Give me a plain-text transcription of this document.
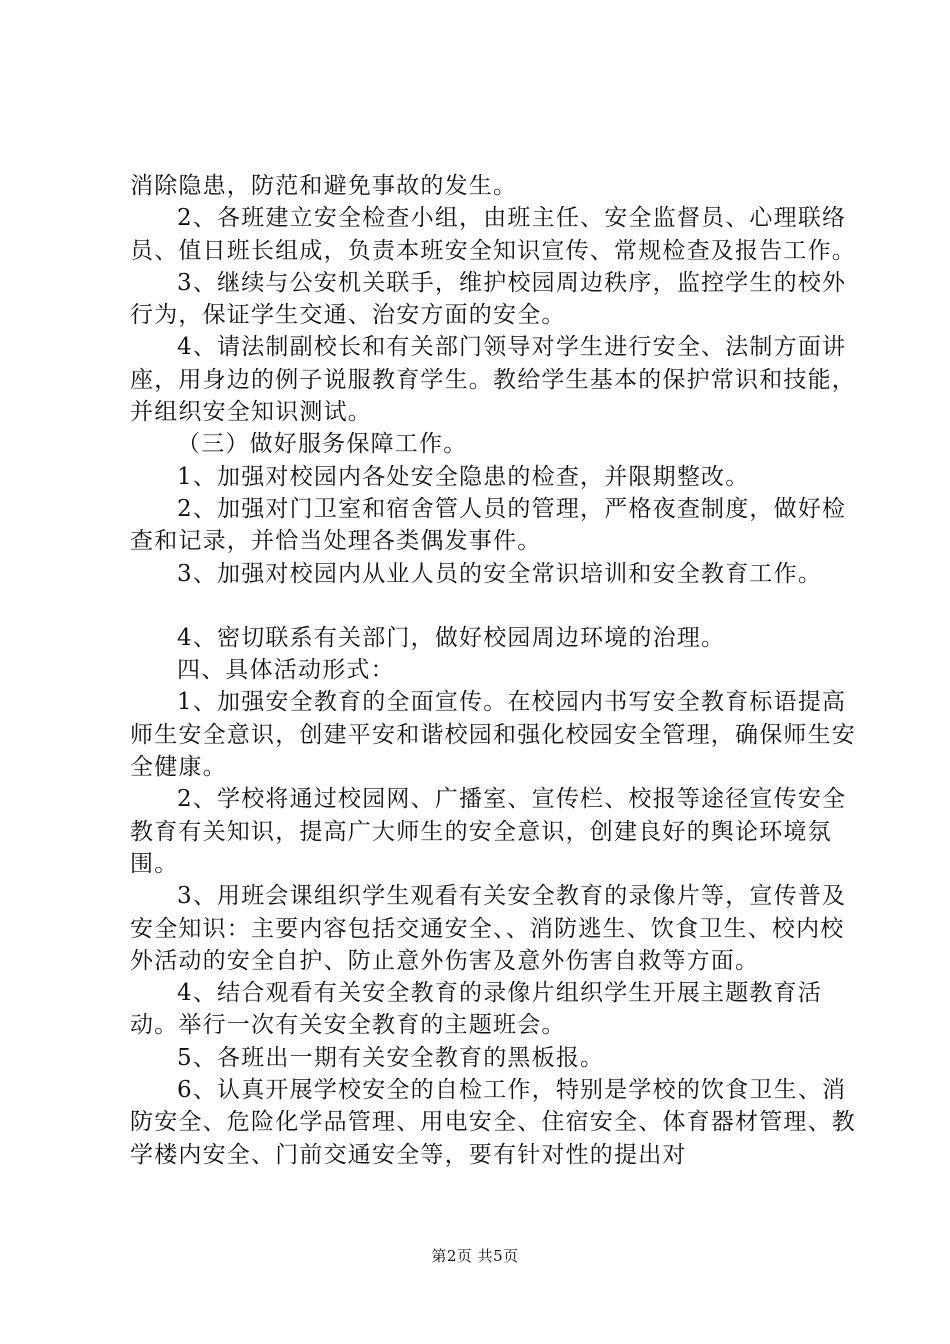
消除隐患，防范和避免事故的发生。

2、各班建立安全检查小组，由班主任、安全监督员、心理联络员、值日班长组成，负责本班安全知识宣传、常规检查及报告工作。

3、继续与公安机关联手，维护校园周边秩序，监控学生的校外行为，保证学生交通、治安方面的安全。

4、请法制副校长和有关部门领导对学生进行安全、法制方面讲座，用身边的例子说服教育学生。教给学生基本的保护常识和技能，并组织安全知识测试。

（三）做好服务保障工作。

1、加强对校园内各处安全隐患的检查，并限期整改。

2、加强对门卫室和宿舍管人员的管理，严格夜查制度，做好检查和记录，并恰当处理各类偶发事件。

3、加强对校园内从业人员的安全常识培训和安全教育工作。

4、密切联系有关部门，做好校园周边环境的治理。

四、具体活动形式：

1、加强安全教育的全面宣传。在校园内书写安全教育标语提高师生安全意识，创建平安和谐校园和强化校园安全管理，确保师生安全健康。

2、学校将通过校园网、广播室、宣传栏、校报等途径宣传安全教育有关知识，提高广大师生的安全意识，创建良好的舆论环境氛围。

3、用班会课组织学生观看有关安全教育的录像片等，宣传普及安全知识：主要内容包括交通安全、、消防逃生、饮食卫生、校内校外活动的安全自护、防止意外伤害及意外伤害自救等方面。

4、结合观看有关安全教育的录像片组织学生开展主题教育活动。举行一次有关安全教育的主题班会。

5、各班出一期有关安全教育的黑板报。

6、认真开展学校安全的自检工作，特别是学校的饮食卫生、消防安全、危险化学品管理、用电安全、住宿安全、体育器材管理、教学楼内安全、门前交通安全等，要有针对性的提出对

第2页 共5页
